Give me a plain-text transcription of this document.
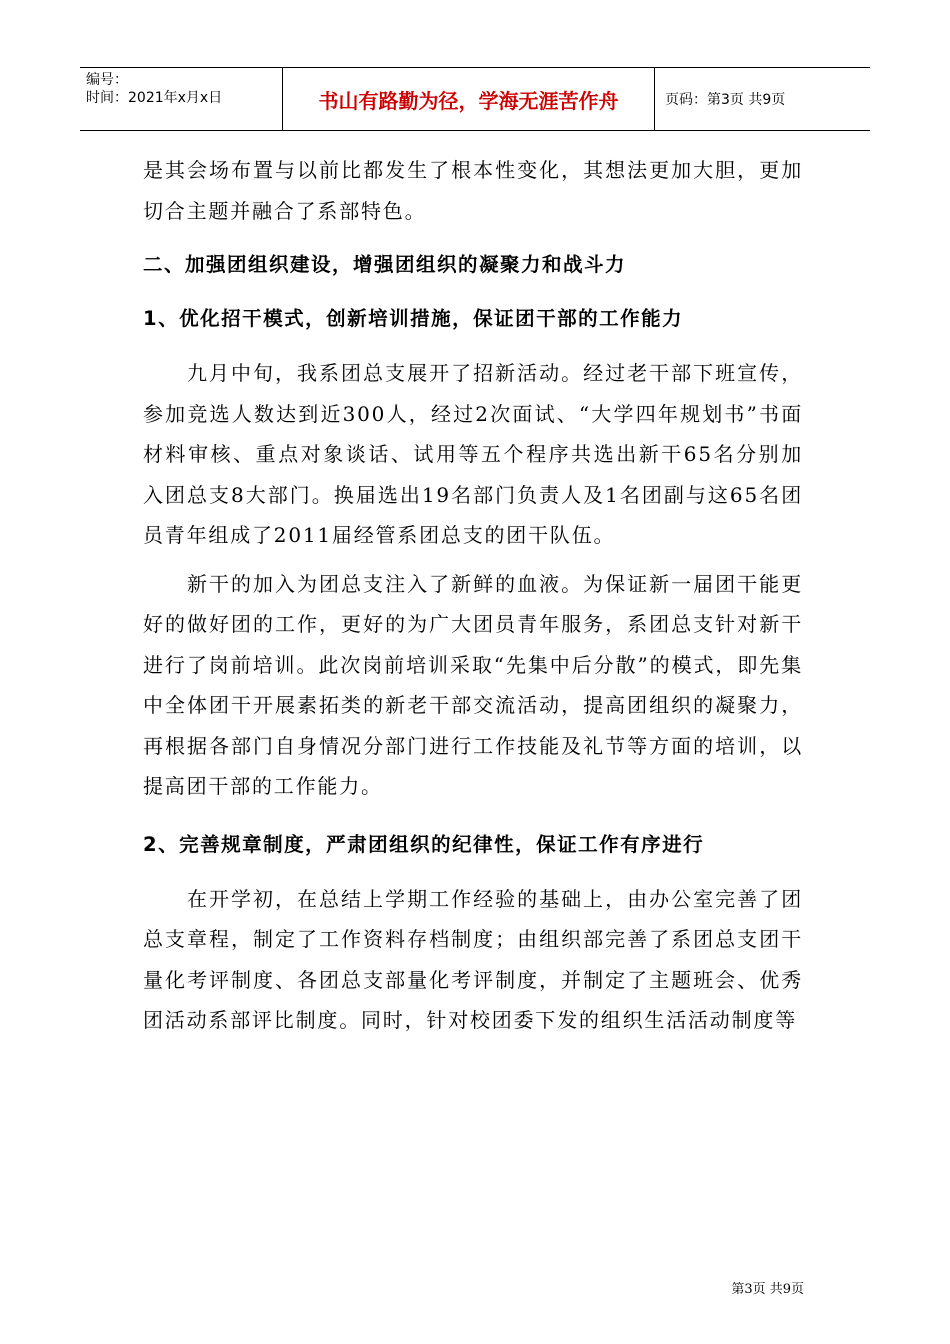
编号：
时间：2021年x月x日	书山有路勤为径，学海无涯苦作舟	页码：第3页 共9页

是其会场布置与以前比都发生了根本性变化，其想法更加大胆，更加切合主题并融合了系部特色。

二、加强团组织建设，增强团组织的凝聚力和战斗力
1、优化招干模式，创新培训措施，保证团干部的工作能力

九月中旬，我系团总支展开了招新活动。经过老干部下班宣传，参加竞选人数达到近300人，经过2次面试、“大学四年规划书”书面材料审核、重点对象谈话、试用等五个程序共选出新干65名分别加入团总支8大部门。换届选出19名部门负责人及1名团副与这65名团员青年组成了2011届经管系团总支的团干队伍。

新干的加入为团总支注入了新鲜的血液。为保证新一届团干能更好的做好团的工作，更好的为广大团员青年服务，系团总支针对新干进行了岗前培训。此次岗前培训采取“先集中后分散”的模式，即先集中全体团干开展素拓类的新老干部交流活动，提高团组织的凝聚力，再根据各部门自身情况分部门进行工作技能及礼节等方面的培训，以提高团干部的工作能力。

2、完善规章制度，严肃团组织的纪律性，保证工作有序进行

在开学初，在总结上学期工作经验的基础上，由办公室完善了团总支章程，制定了工作资料存档制度；由组织部完善了系团总支团干量化考评制度、各团总支部量化考评制度，并制定了主题班会、优秀团活动系部评比制度。同时，针对校团委下发的组织生活活动制度等

第3页 共9页
